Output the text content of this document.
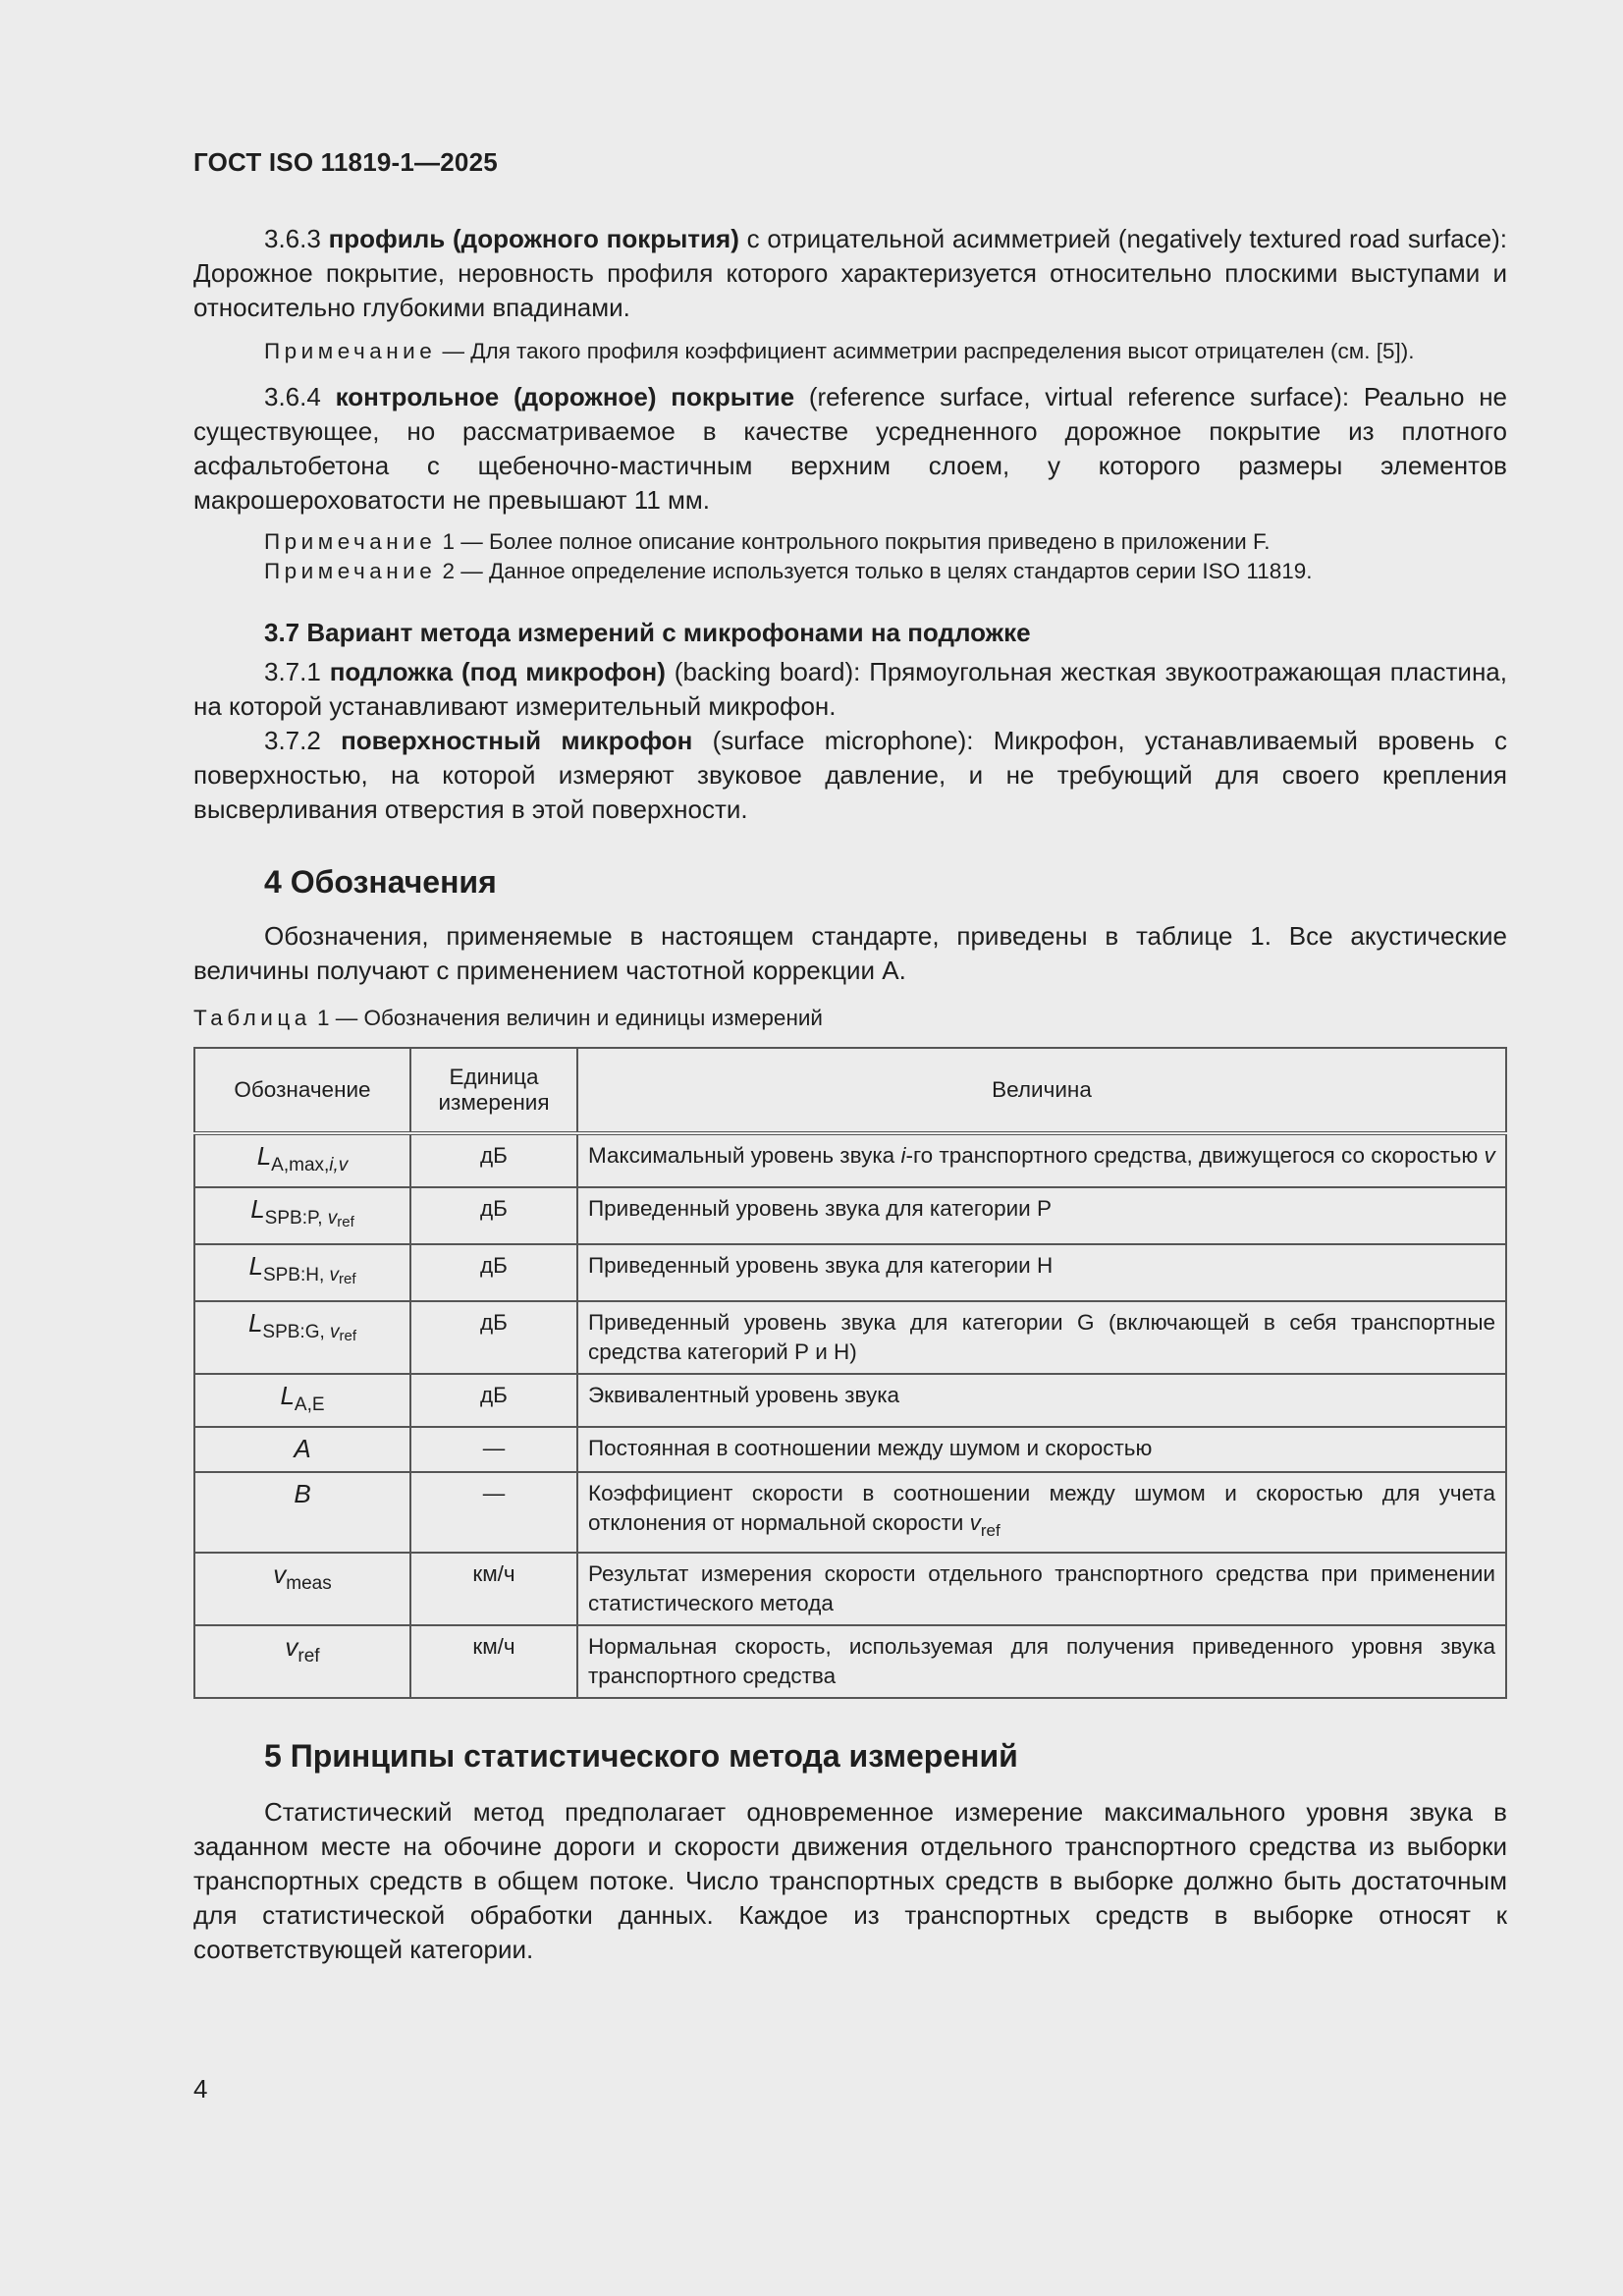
ГОСТ ISO 11819-1—2025

3.6.3 профиль (дорожного покрытия) с отрицательной асимметрией (negatively textured road surface): Дорожное покрытие, неровность профиля которого характеризуется относительно плоскими выступами и относительно глубокими впадинами.

Примечание — Для такого профиля коэффициент асимметрии распределения высот отрицателен (см. [5]).

3.6.4 контрольное (дорожное) покрытие (reference surface, virtual reference surface): Реально не существующее, но рассматриваемое в качестве усредненного дорожное покрытие из плотного асфальтобетона с щебеночно-мастичным верхним слоем, у которого размеры элементов макрошероховатости не превышают 11 мм.

Примечание 1 — Более полное описание контрольного покрытия приведено в приложении F.

Примечание 2 — Данное определение используется только в целях стандартов серии ISO 11819.

3.7 Вариант метода измерений с микрофонами на подложке

3.7.1 подложка (под микрофон) (backing board): Прямоугольная жесткая звукоотражающая пластина, на которой устанавливают измерительный микрофон.

3.7.2 поверхностный микрофон (surface microphone): Микрофон, устанавливаемый вровень с поверхностью, на которой измеряют звуковое давление, и не требующий для своего крепления высверливания отверстия в этой поверхности.

4 Обозначения

Обозначения, применяемые в настоящем стандарте, приведены в таблице 1. Все акустические величины получают с применением частотной коррекции А.

Таблица 1 — Обозначения величин и единицы измерений
Обозначение	Единица измерения	Величина
$L_{A,max,i,v}$	дБ	Максимальный уровень звука i-го транспортного средства, движущегося со скоростью v
$L_{SPB:P, vref}$	дБ	Приведенный уровень звука для категории Р
$L_{SPB:H, vref}$	дБ	Приведенный уровень звука для категории Н
$L_{SPB:G, vref}$	дБ	Приведенный уровень звука для категории G (включающей в себя транспортные средства категорий Р и Н)
$L_{A,E}$	дБ	Эквивалентный уровень звука
A	—	Постоянная в соотношении между шумом и скоростью
B	—	Коэффициент скорости в соотношении между шумом и скоростью для учета отклонения от нормальной скорости $v_{ref}$
$v_{meas}$	км/ч	Результат измерения скорости отдельного транспортного средства при применении статистического метода
$v_{ref}$	км/ч	Нормальная скорость, используемая для получения приведенного уровня звука транспортного средства
5 Принципы статистического метода измерений

Статистический метод предполагает одновременное измерение максимального уровня звука в заданном месте на обочине дороги и скорости движения отдельного транспортного средства из выборки транспортных средств в общем потоке. Число транспортных средств в выборке должно быть достаточным для статистической обработки данных. Каждое из транспортных средств в выборке относят к соответствующей категории.

4
